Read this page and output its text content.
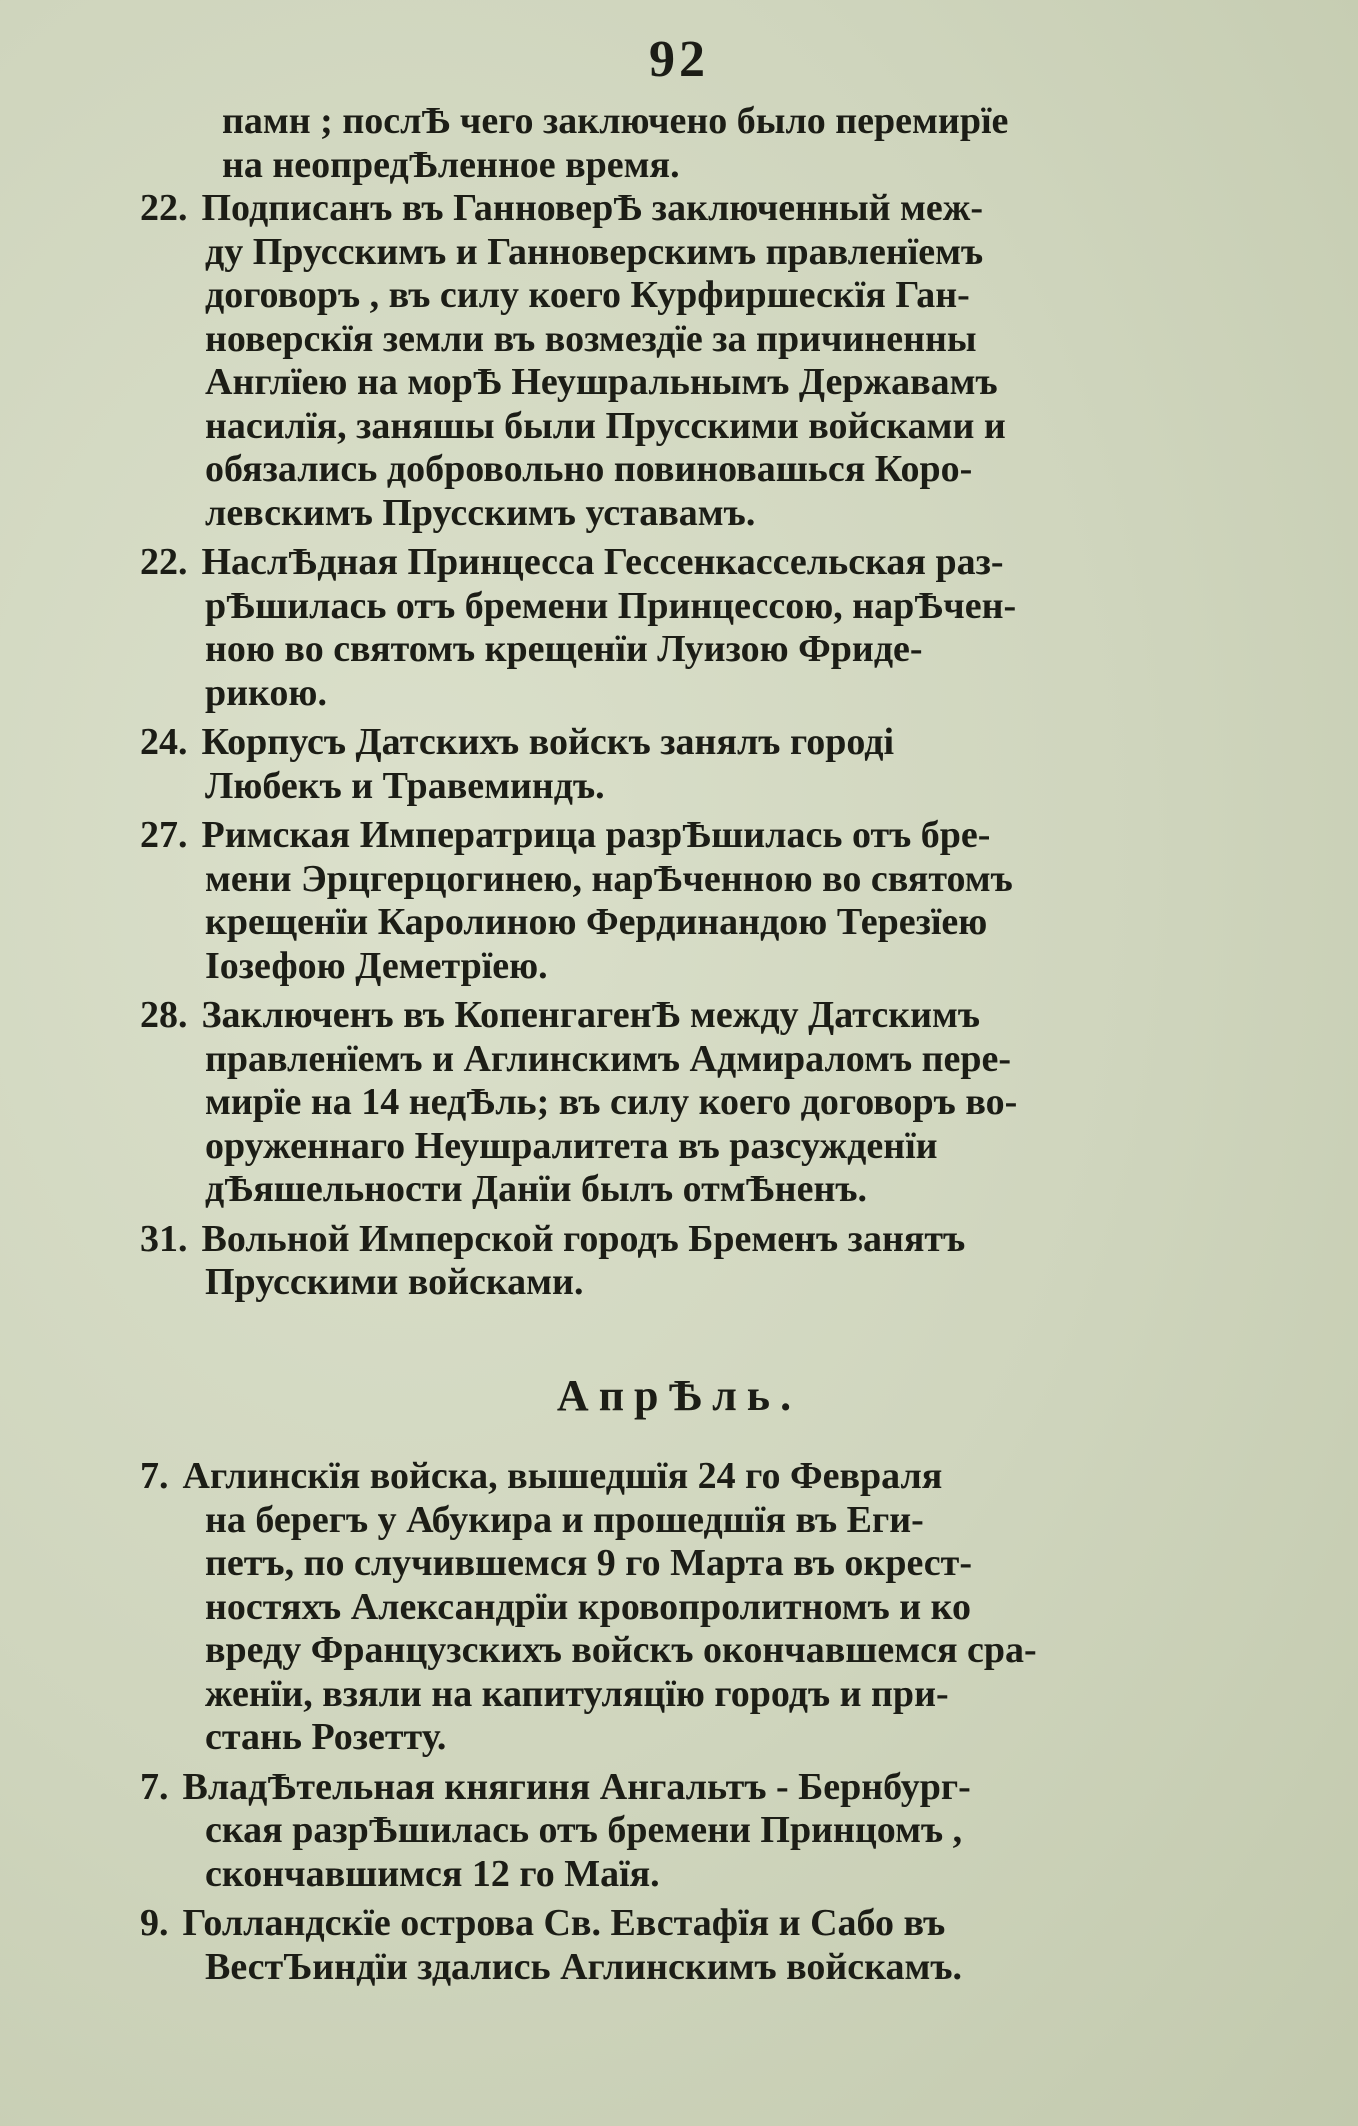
92
памн ; послѢ чего заключено было перемирїе
на неопредѢленное время.
22. Подписанъ въ ГанноверѢ заключенный меж-
ду Прусскимъ и Ганноверскимъ правленїемъ
договоръ , въ силу коего Курфиршескїя Ган-
новерскїя земли въ возмездїе за причиненны
Англїею на морѢ Неушральнымъ Державамъ
насилїя, заняшы были Прусскими войсками и
обязались добровольно повиновашься Коро-
левскимъ Прусскимъ уставамъ.
22. НаслѢдная Принцесса Гессенкассельская раз-
рѢшилась отъ бремени Принцессою, нарѢчен-
ною во святомъ крещенїи Луизою Фриде-
рикою.
24. Корпусъ Датскихъ войскъ занялъ городі
Любекъ и Травеминдъ.
27. Римская Императрица разрѢшилась отъ бре-
мени Эрцгерцогинею, нарѢченною во святомъ
крещенїи Каролиною Фердинандою Терезїею
Іозефою Деметрїею.
28. Заключенъ въ КопенгагенѢ между Датскимъ
правленїемъ и Аглинскимъ Адмираломъ пере-
мирїе на 14 недѢль; въ силу коего договоръ во-
оруженнаго Неушралитета въ разсужденїи
дѢяшельности Данїи былъ отмѢненъ.
31. Вольной Имперской городъ Бременъ занятъ
Прусскими войсками.
АпрѢль.
7. Аглинскїя войска, вышедшїя 24 го Февраля
на берегъ у Абукира и прошедшїя въ Еги-
петъ, по случившемся 9 го Марта въ окрест-
ностяхъ Александрїи кровопролитномъ и ко
вреду Французскихъ войскъ окончавшемся сра-
женїи, взяли на капитуляцїю городъ и при-
стань Розетту.
7. ВладѢтельная княгиня Ангальтъ - Бернбург-
ская разрѢшилась отъ бремени Принцомъ ,
скончавшимся 12 го Маїя.
9. Голландскїе острова Св. Евстафїя и Сабо въ
ВестЪиндїи здались Аглинскимъ войскамъ.
